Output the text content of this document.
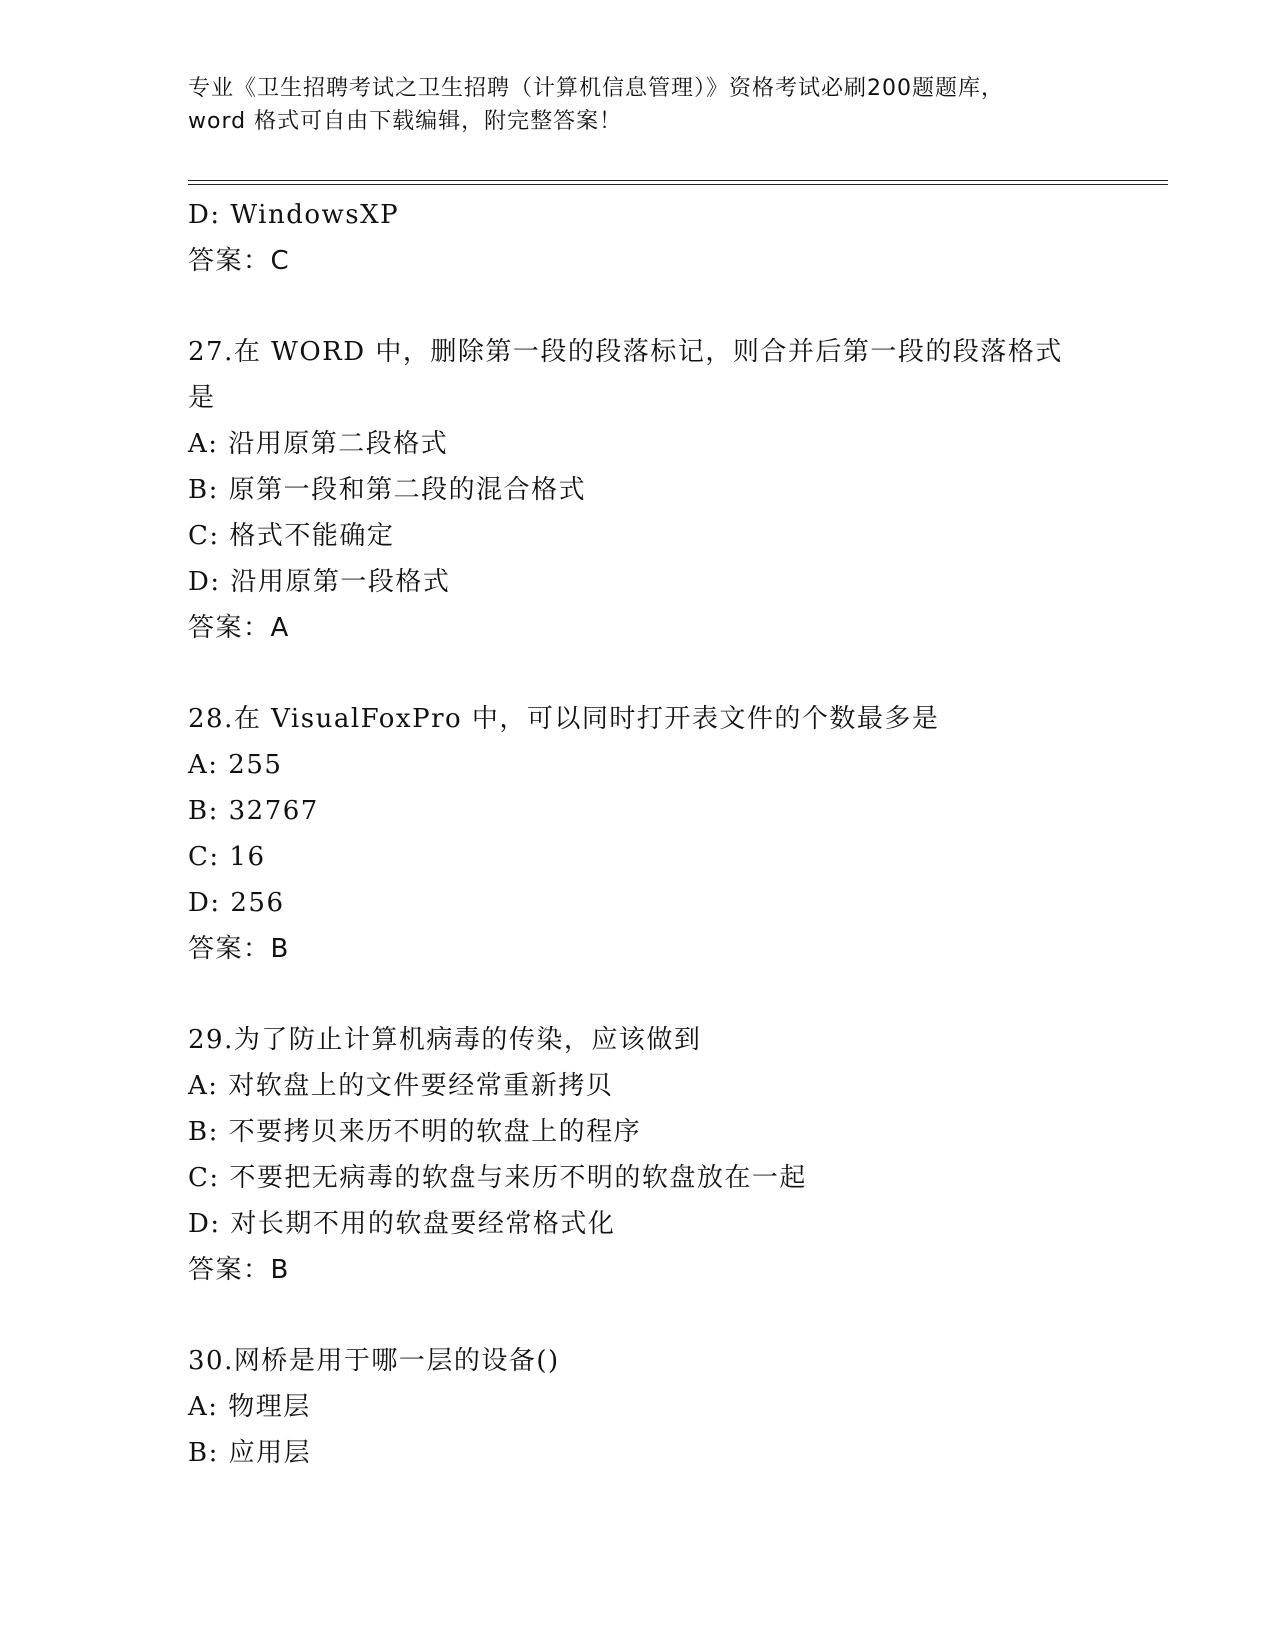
专业《卫生招聘考试之卫生招聘（计算机信息管理）》资格考试必刷200题题库，
word 格式可自由下载编辑，附完整答案！
D: WindowsXP
答案：C
27.在 WORD 中，删除第一段的段落标记，则合并后第一段的段落格式
是
A: 沿用原第二段格式
B: 原第一段和第二段的混合格式
C: 格式不能确定
D: 沿用原第一段格式
答案：A
28.在 VisualFoxPro 中，可以同时打开表文件的个数最多是
A: 255
B: 32767
C: 16
D: 256
答案：B
29.为了防止计算机病毒的传染，应该做到
A: 对软盘上的文件要经常重新拷贝
B: 不要拷贝来历不明的软盘上的程序
C: 不要把无病毒的软盘与来历不明的软盘放在一起
D: 对长期不用的软盘要经常格式化
答案：B
30.网桥是用于哪一层的设备()
A: 物理层
B: 应用层
